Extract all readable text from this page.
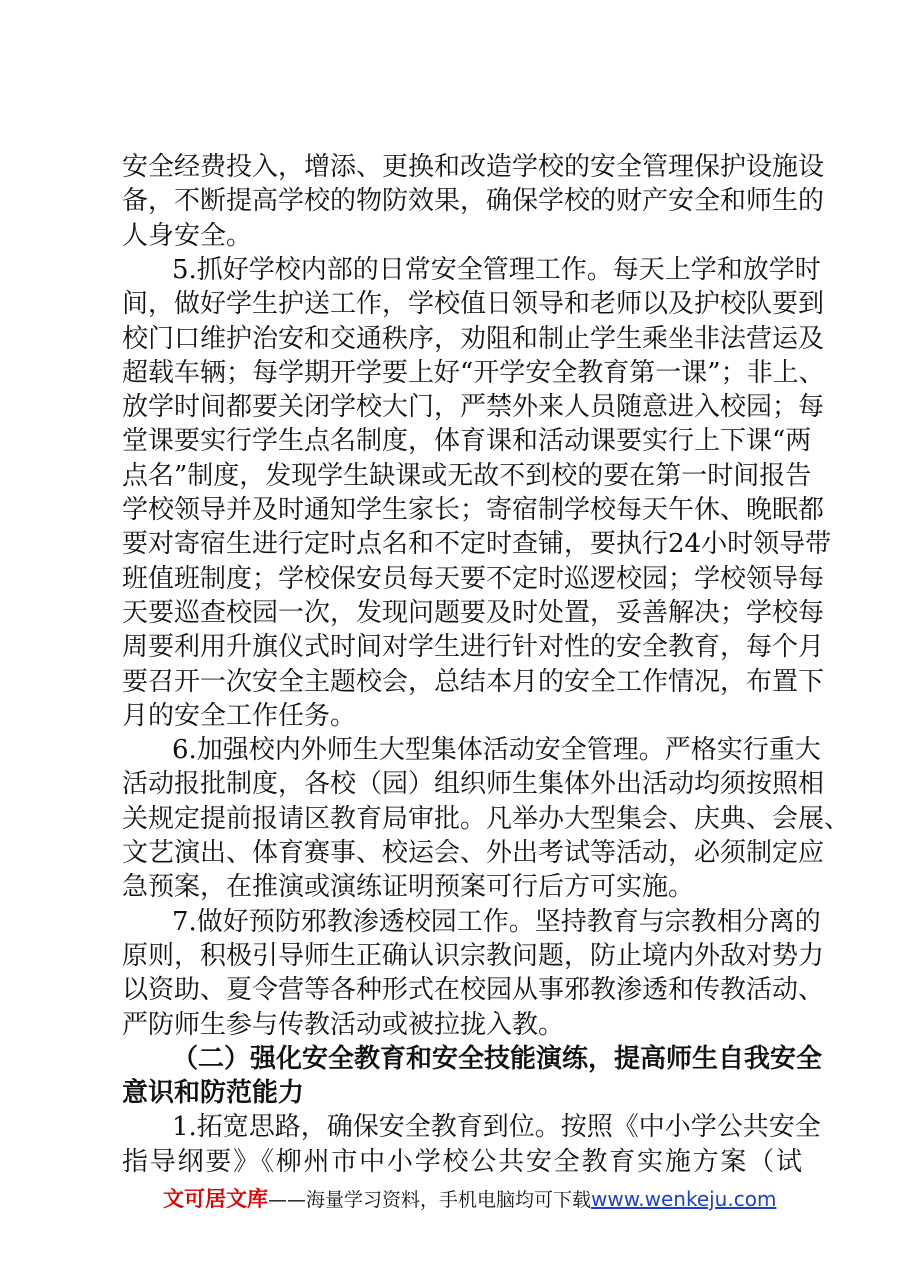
安全经费投入，增添、更换和改造学校的安全管理保护设施设
备，不断提高学校的物防效果，确保学校的财产安全和师生的
人身安全。
5.抓好学校内部的日常安全管理工作。每天上学和放学时
间，做好学生护送工作，学校值日领导和老师以及护校队要到
校门口维护治安和交通秩序，劝阻和制止学生乘坐非法营运及
超载车辆；每学期开学要上好“开学安全教育第一课”；非上、
放学时间都要关闭学校大门，严禁外来人员随意进入校园；每
堂课要实行学生点名制度，体育课和活动课要实行上下课“两
点名”制度，发现学生缺课或无故不到校的要在第一时间报告
学校领导并及时通知学生家长；寄宿制学校每天午休、晚眠都
要对寄宿生进行定时点名和不定时查铺，要执行24小时领导带
班值班制度；学校保安员每天要不定时巡逻校园；学校领导每
天要巡查校园一次，发现问题要及时处置，妥善解决；学校每
周要利用升旗仪式时间对学生进行针对性的安全教育，每个月
要召开一次安全主题校会，总结本月的安全工作情况，布置下
月的安全工作任务。
6.加强校内外师生大型集体活动安全管理。严格实行重大
活动报批制度，各校（园）组织师生集体外出活动均须按照相
关规定提前报请区教育局审批。凡举办大型集会、庆典、会展、
文艺演出、体育赛事、校运会、外出考试等活动，必须制定应
急预案，在推演或演练证明预案可行后方可实施。
7.做好预防邪教渗透校园工作。坚持教育与宗教相分离的
原则，积极引导师生正确认识宗教问题，防止境内外敌对势力
以资助、夏令营等各种形式在校园从事邪教渗透和传教活动、
严防师生参与传教活动或被拉拢入教。
（二）强化安全教育和安全技能演练，提高师生自我安全
意识和防范能力
1.拓宽思路，确保安全教育到位。按照《中小学公共安全
指导纲要》《柳州市中小学校公共安全教育实施方案（试
文可居文库——海量学习资料，手机电脑均可下载www.wenkeju.com
